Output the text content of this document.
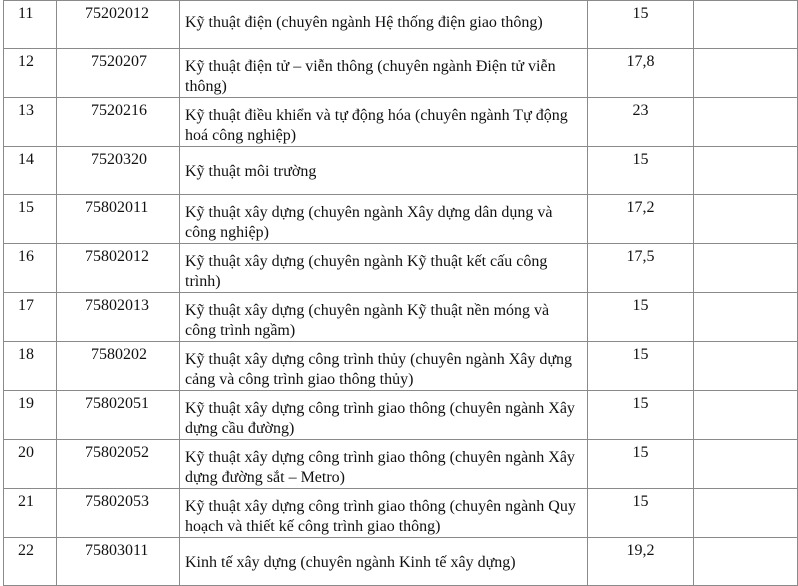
11	75202012	Kỹ thuật điện (chuyên ngành Hệ thống điện giao thông)	15	
12	7520207	Kỹ thuật điện tử – viễn thông (chuyên ngành Điện tử viễn thông)	17,8	
13	7520216	Kỹ thuật điều khiển và tự động hóa (chuyên ngành Tự động hoá công nghiệp)	23	
14	7520320	Kỹ thuật môi trường	15	
15	75802011	Kỹ thuật xây dựng (chuyên ngành Xây dựng dân dụng và công nghiệp)	17,2	
16	75802012	Kỹ thuật xây dựng (chuyên ngành Kỹ thuật kết cấu công trình)	17,5	
17	75802013	Kỹ thuật xây dựng (chuyên ngành Kỹ thuật nền móng và công trình ngầm)	15	
18	7580202	Kỹ thuật xây dựng công trình thủy (chuyên ngành Xây dựng cảng và công trình giao thông thủy)	15	
19	75802051	Kỹ thuật xây dựng công trình giao thông (chuyên ngành Xây dựng cầu đường)	15	
20	75802052	Kỹ thuật xây dựng công trình giao thông (chuyên ngành Xây dựng đường sắt – Metro)	15	
21	75802053	Kỹ thuật xây dựng công trình giao thông (chuyên ngành Quy hoạch và thiết kế công trình giao thông)	15	
22	75803011	Kinh tế xây dựng (chuyên ngành Kinh tế xây dựng)	19,2	
